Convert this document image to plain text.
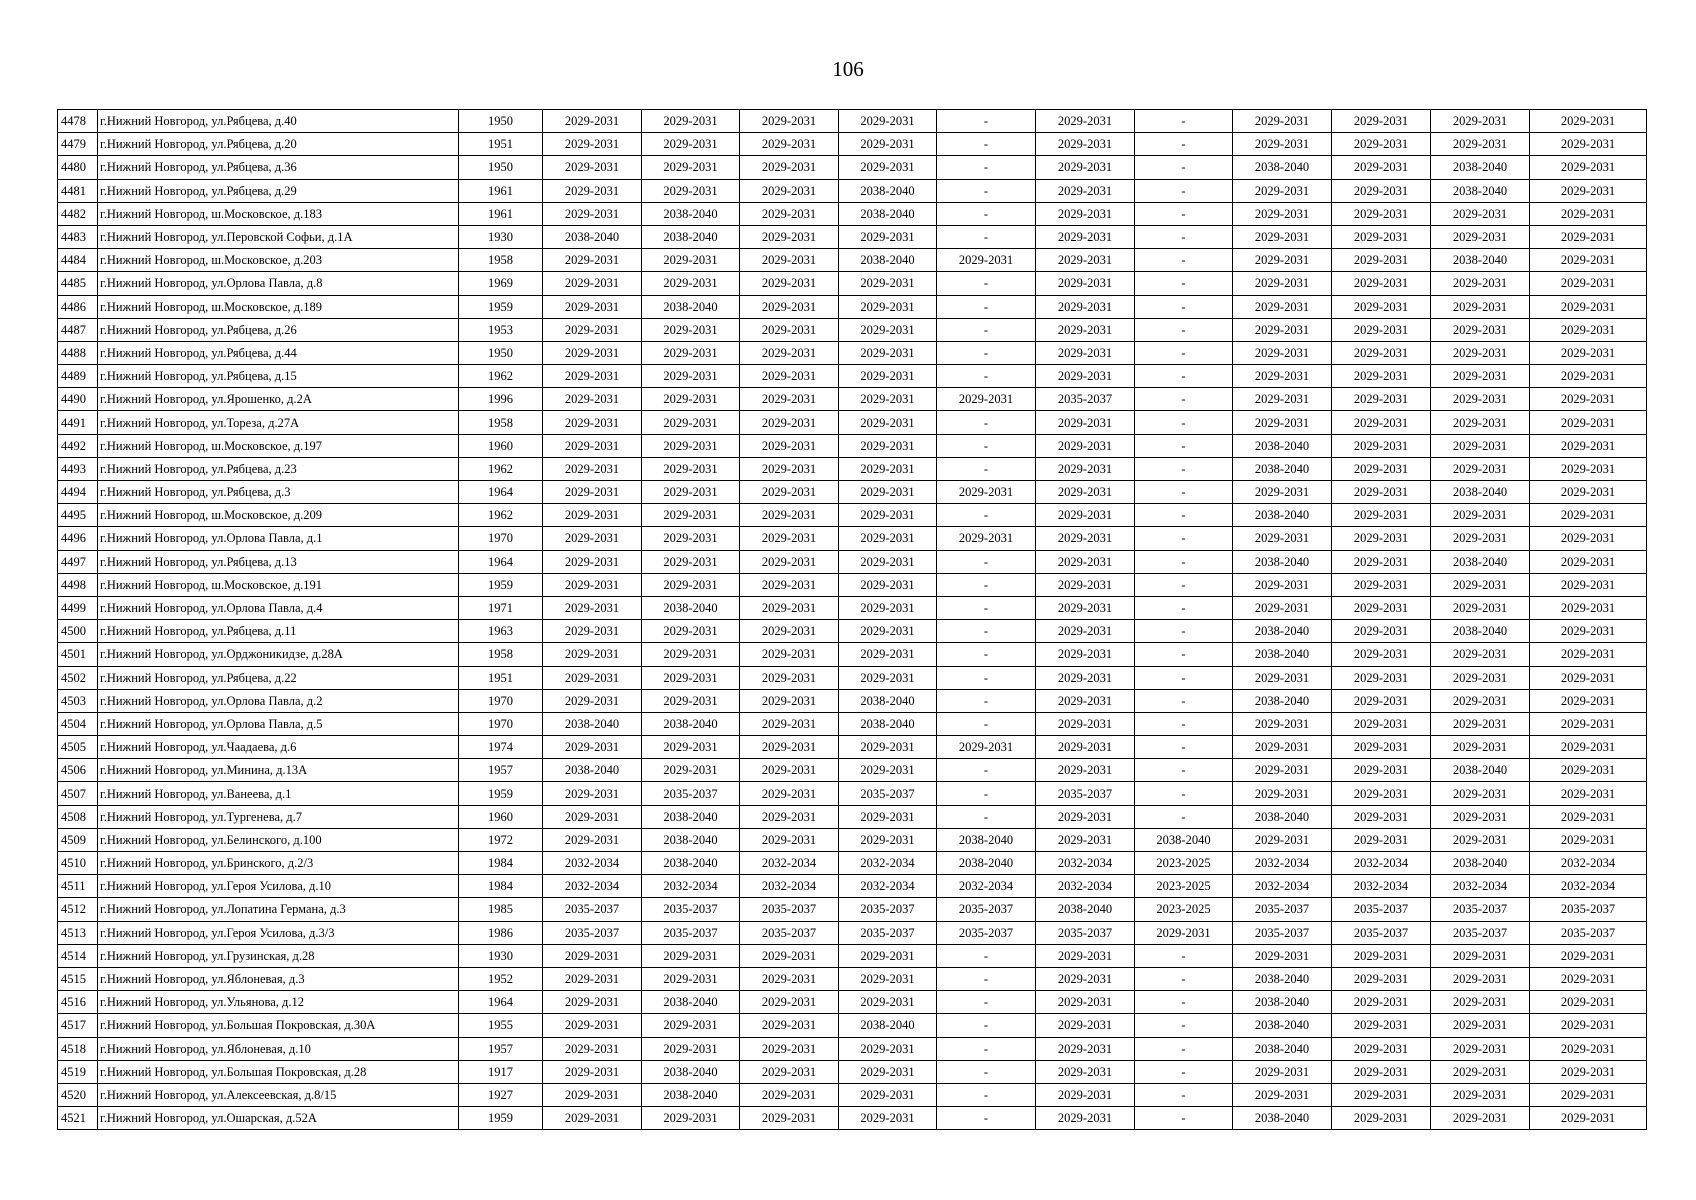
106
4478	г.Нижний Новгород, ул.Рябцева, д.40	1950	2029-2031	2029-2031	2029-2031	2029-2031	-	2029-2031	-	2029-2031	2029-2031	2029-2031	2029-2031
4479	г.Нижний Новгород, ул.Рябцева, д.20	1951	2029-2031	2029-2031	2029-2031	2029-2031	-	2029-2031	-	2029-2031	2029-2031	2029-2031	2029-2031
4480	г.Нижний Новгород, ул.Рябцева, д.36	1950	2029-2031	2029-2031	2029-2031	2029-2031	-	2029-2031	-	2038-2040	2029-2031	2038-2040	2029-2031
4481	г.Нижний Новгород, ул.Рябцева, д.29	1961	2029-2031	2029-2031	2029-2031	2038-2040	-	2029-2031	-	2029-2031	2029-2031	2038-2040	2029-2031
4482	г.Нижний Новгород, ш.Московское, д.183	1961	2029-2031	2038-2040	2029-2031	2038-2040	-	2029-2031	-	2029-2031	2029-2031	2029-2031	2029-2031
4483	г.Нижний Новгород, ул.Перовской Софьи, д.1А	1930	2038-2040	2038-2040	2029-2031	2029-2031	-	2029-2031	-	2029-2031	2029-2031	2029-2031	2029-2031
4484	г.Нижний Новгород, ш.Московское, д.203	1958	2029-2031	2029-2031	2029-2031	2038-2040	2029-2031	2029-2031	-	2029-2031	2029-2031	2038-2040	2029-2031
4485	г.Нижний Новгород, ул.Орлова Павла, д.8	1969	2029-2031	2029-2031	2029-2031	2029-2031	-	2029-2031	-	2029-2031	2029-2031	2029-2031	2029-2031
4486	г.Нижний Новгород, ш.Московское, д.189	1959	2029-2031	2038-2040	2029-2031	2029-2031	-	2029-2031	-	2029-2031	2029-2031	2029-2031	2029-2031
4487	г.Нижний Новгород, ул.Рябцева, д.26	1953	2029-2031	2029-2031	2029-2031	2029-2031	-	2029-2031	-	2029-2031	2029-2031	2029-2031	2029-2031
4488	г.Нижний Новгород, ул.Рябцева, д.44	1950	2029-2031	2029-2031	2029-2031	2029-2031	-	2029-2031	-	2029-2031	2029-2031	2029-2031	2029-2031
4489	г.Нижний Новгород, ул.Рябцева, д.15	1962	2029-2031	2029-2031	2029-2031	2029-2031	-	2029-2031	-	2029-2031	2029-2031	2029-2031	2029-2031
4490	г.Нижний Новгород, ул.Ярошенко, д.2А	1996	2029-2031	2029-2031	2029-2031	2029-2031	2029-2031	2035-2037	-	2029-2031	2029-2031	2029-2031	2029-2031
4491	г.Нижний Новгород, ул.Тореза, д.27А	1958	2029-2031	2029-2031	2029-2031	2029-2031	-	2029-2031	-	2029-2031	2029-2031	2029-2031	2029-2031
4492	г.Нижний Новгород, ш.Московское, д.197	1960	2029-2031	2029-2031	2029-2031	2029-2031	-	2029-2031	-	2038-2040	2029-2031	2029-2031	2029-2031
4493	г.Нижний Новгород, ул.Рябцева, д.23	1962	2029-2031	2029-2031	2029-2031	2029-2031	-	2029-2031	-	2038-2040	2029-2031	2029-2031	2029-2031
4494	г.Нижний Новгород, ул.Рябцева, д.3	1964	2029-2031	2029-2031	2029-2031	2029-2031	2029-2031	2029-2031	-	2029-2031	2029-2031	2038-2040	2029-2031
4495	г.Нижний Новгород, ш.Московское, д.209	1962	2029-2031	2029-2031	2029-2031	2029-2031	-	2029-2031	-	2038-2040	2029-2031	2029-2031	2029-2031
4496	г.Нижний Новгород, ул.Орлова Павла, д.1	1970	2029-2031	2029-2031	2029-2031	2029-2031	2029-2031	2029-2031	-	2029-2031	2029-2031	2029-2031	2029-2031
4497	г.Нижний Новгород, ул.Рябцева, д.13	1964	2029-2031	2029-2031	2029-2031	2029-2031	-	2029-2031	-	2038-2040	2029-2031	2038-2040	2029-2031
4498	г.Нижний Новгород, ш.Московское, д.191	1959	2029-2031	2029-2031	2029-2031	2029-2031	-	2029-2031	-	2029-2031	2029-2031	2029-2031	2029-2031
4499	г.Нижний Новгород, ул.Орлова Павла, д.4	1971	2029-2031	2038-2040	2029-2031	2029-2031	-	2029-2031	-	2029-2031	2029-2031	2029-2031	2029-2031
4500	г.Нижний Новгород, ул.Рябцева, д.11	1963	2029-2031	2029-2031	2029-2031	2029-2031	-	2029-2031	-	2038-2040	2029-2031	2038-2040	2029-2031
4501	г.Нижний Новгород, ул.Орджоникидзе, д.28А	1958	2029-2031	2029-2031	2029-2031	2029-2031	-	2029-2031	-	2038-2040	2029-2031	2029-2031	2029-2031
4502	г.Нижний Новгород, ул.Рябцева, д.22	1951	2029-2031	2029-2031	2029-2031	2029-2031	-	2029-2031	-	2029-2031	2029-2031	2029-2031	2029-2031
4503	г.Нижний Новгород, ул.Орлова Павла, д.2	1970	2029-2031	2029-2031	2029-2031	2038-2040	-	2029-2031	-	2038-2040	2029-2031	2029-2031	2029-2031
4504	г.Нижний Новгород, ул.Орлова Павла, д.5	1970	2038-2040	2038-2040	2029-2031	2038-2040	-	2029-2031	-	2029-2031	2029-2031	2029-2031	2029-2031
4505	г.Нижний Новгород, ул.Чаадаева, д.6	1974	2029-2031	2029-2031	2029-2031	2029-2031	2029-2031	2029-2031	-	2029-2031	2029-2031	2029-2031	2029-2031
4506	г.Нижний Новгород, ул.Минина, д.13А	1957	2038-2040	2029-2031	2029-2031	2029-2031	-	2029-2031	-	2029-2031	2029-2031	2038-2040	2029-2031
4507	г.Нижний Новгород, ул.Ванеева, д.1	1959	2029-2031	2035-2037	2029-2031	2035-2037	-	2035-2037	-	2029-2031	2029-2031	2029-2031	2029-2031
4508	г.Нижний Новгород, ул.Тургенева, д.7	1960	2029-2031	2038-2040	2029-2031	2029-2031	-	2029-2031	-	2038-2040	2029-2031	2029-2031	2029-2031
4509	г.Нижний Новгород, ул.Белинского, д.100	1972	2029-2031	2038-2040	2029-2031	2029-2031	2038-2040	2029-2031	2038-2040	2029-2031	2029-2031	2029-2031	2029-2031
4510	г.Нижний Новгород, ул.Бринского, д.2/3	1984	2032-2034	2038-2040	2032-2034	2032-2034	2038-2040	2032-2034	2023-2025	2032-2034	2032-2034	2038-2040	2032-2034
4511	г.Нижний Новгород, ул.Героя Усилова, д.10	1984	2032-2034	2032-2034	2032-2034	2032-2034	2032-2034	2032-2034	2023-2025	2032-2034	2032-2034	2032-2034	2032-2034
4512	г.Нижний Новгород, ул.Лопатина Германа, д.3	1985	2035-2037	2035-2037	2035-2037	2035-2037	2035-2037	2038-2040	2023-2025	2035-2037	2035-2037	2035-2037	2035-2037
4513	г.Нижний Новгород, ул.Героя Усилова, д.3/3	1986	2035-2037	2035-2037	2035-2037	2035-2037	2035-2037	2035-2037	2029-2031	2035-2037	2035-2037	2035-2037	2035-2037
4514	г.Нижний Новгород, ул.Грузинская, д.28	1930	2029-2031	2029-2031	2029-2031	2029-2031	-	2029-2031	-	2029-2031	2029-2031	2029-2031	2029-2031
4515	г.Нижний Новгород, ул.Яблоневая, д.3	1952	2029-2031	2029-2031	2029-2031	2029-2031	-	2029-2031	-	2038-2040	2029-2031	2029-2031	2029-2031
4516	г.Нижний Новгород, ул.Ульянова, д.12	1964	2029-2031	2038-2040	2029-2031	2029-2031	-	2029-2031	-	2038-2040	2029-2031	2029-2031	2029-2031
4517	г.Нижний Новгород, ул.Большая Покровская, д.30А	1955	2029-2031	2029-2031	2029-2031	2038-2040	-	2029-2031	-	2038-2040	2029-2031	2029-2031	2029-2031
4518	г.Нижний Новгород, ул.Яблоневая, д.10	1957	2029-2031	2029-2031	2029-2031	2029-2031	-	2029-2031	-	2038-2040	2029-2031	2029-2031	2029-2031
4519	г.Нижний Новгород, ул.Большая Покровская, д.28	1917	2029-2031	2038-2040	2029-2031	2029-2031	-	2029-2031	-	2029-2031	2029-2031	2029-2031	2029-2031
4520	г.Нижний Новгород, ул.Алексеевская, д.8/15	1927	2029-2031	2038-2040	2029-2031	2029-2031	-	2029-2031	-	2029-2031	2029-2031	2029-2031	2029-2031
4521	г.Нижний Новгород, ул.Ошарская, д.52А	1959	2029-2031	2029-2031	2029-2031	2029-2031	-	2029-2031	-	2038-2040	2029-2031	2029-2031	2029-2031
